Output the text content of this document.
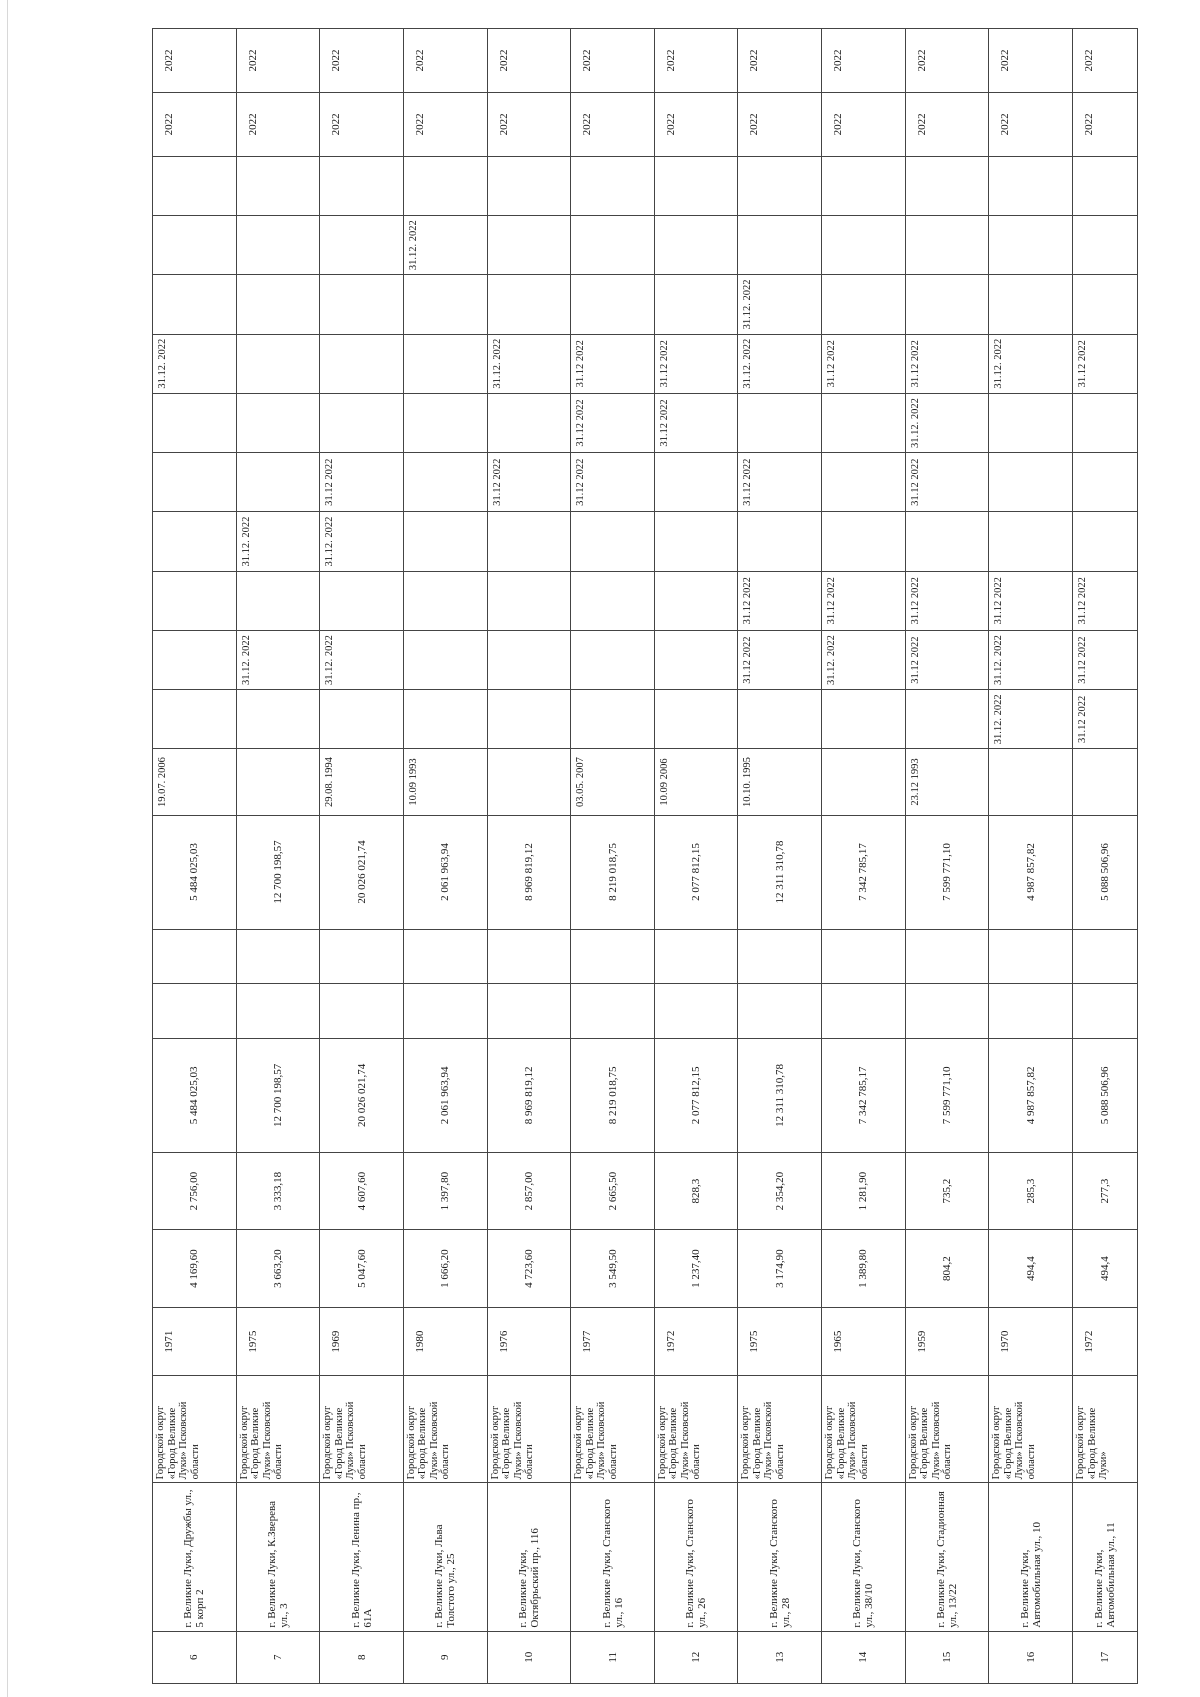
6	г. Великие Луки, Дружбы ул., 5 корп 2	Городской округ «Город Великие Луки» Псковской области	1971	4 169,60	2 756,00	5 484 025,03			5 484 025,03	19.07. 2006							31.12. 2022				2022	2022
7	г. Великие Луки, К.Зверева ул., 3	Городской округ «Город Великие Луки» Псковской области	1975	3 663,20	3 333,18	12 700 198,57			12 700 198,57			31.12. 2022		31.12. 2022							2022	2022
8	г. Великие Луки, Ленина пр., 61А	Городской округ «Город Великие Луки» Псковской области	1969	5 047,60	4 607,60	20 026 021,74			20 026 021,74	29.08. 1994		31.12. 2022		31.12. 2022	31.12 2022						2022	2022
9	г. Великие Луки, Льва Толстого ул., 25	Городской округ «Город Великие Луки» Псковской области	1980	1 666,20	1 397,80	2 061 963,94			2 061 963,94	10.09 1993									31.12. 2022		2022	2022
10	г. Великие Луки, Октябрьский пр., 116	Городской округ «Город Великие Луки» Псковской области	1976	4 723,60	2 857,00	8 969 819,12			8 969 819,12						31.12 2022		31.12. 2022				2022	2022
11	г. Великие Луки, Станского ул., 16	Городской округ «Город Великие Луки» Псковской области	1977	3 549,50	2 665,50	8 219 018,75			8 219 018,75	03.05. 2007					31.12 2022	31.12 2022	31.12 2022				2022	2022
12	г. Великие Луки, Станского ул., 26	Городской округ «Город Великие Луки» Псковской области	1972	1 237,40	828,3	2 077 812,15			2 077 812,15	10.09 2006						31.12 2022	31.12 2022				2022	2022
13	г. Великие Луки, Станского ул., 28	Городской округ «Город Великие Луки» Псковской области	1975	3 174,90	2 354,20	12 311 310,78			12 311 310,78	10.10. 1995		31.12 2022	31.12 2022		31.12 2022		31.12. 2022	31.12. 2022			2022	2022
14	г. Великие Луки, Станского ул., 38/10	Городской округ «Город Великие Луки» Псковской области	1965	1 389,80	1 281,90	7 342 785,17			7 342 785,17			31.12. 2022	31.12 2022				31.12 2022				2022	2022
15	г. Великие Луки, Стадионная ул., 13/22	Городской округ «Город Великие Луки» Псковской области	1959	804,2	735,2	7 599 771,10			7 599 771,10	23.12 1993		31.12 2022	31.12 2022		31.12 2022	31.12. 2022	31.12 2022				2022	2022
16	г. Великие Луки, Автомобильная ул., 10	Городской округ «Город Великие Луки» Псковской области	1970	494,4	285,3	4 987 857,82			4 987 857,82		31.12. 2022	31.12. 2022	31.12 2022				31.12. 2022				2022	2022
17	г. Великие Луки, Автомобильная ул., 11	Городской округ «Город Великие Луки»	1972	494,4	277,3	5 088 506,96			5 088 506,96		31.12 2022	31.12 2022	31.12 2022				31.12 2022				2022	2022
